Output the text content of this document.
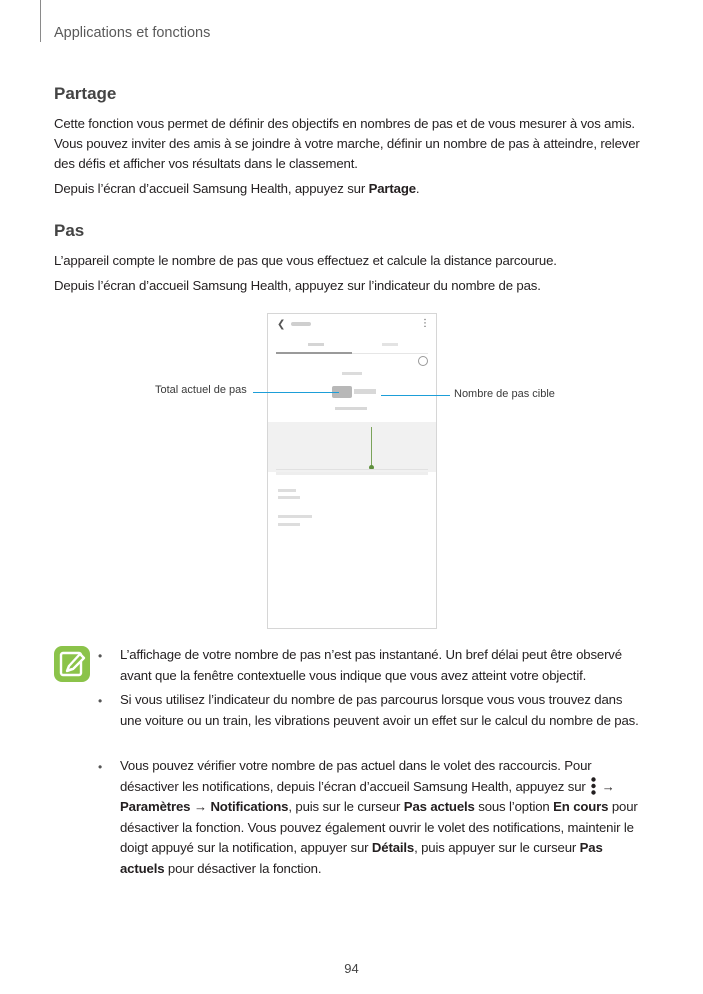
Applications et fonctions
Partage

Cette fonction vous permet de définir des objectifs en nombres de pas et de vous mesurer à vos amis. Vous pouvez inviter des amis à se joindre à votre marche, définir un nombre de pas à atteindre, relever des défis et afficher vos résultats dans le classement.

Depuis l’écran d’accueil Samsung Health, appuyez sur Partage.

Pas

L’appareil compte le nombre de pas que vous effectuez et calcule la distance parcourue.

Depuis l’écran d’accueil Samsung Health, appuyez sur l’indicateur du nombre de pas.

❮	⋮
Total actuel de pas	Nombre de pas cible
• L’affichage de votre nombre de pas n’est pas instantané. Un bref délai peut être observé avant que la fenêtre contextuelle vous indique que vous avez atteint votre objectif.

• Si vous utilisez l’indicateur du nombre de pas parcourus lorsque vous vous trouvez dans une voiture ou un train, les vibrations peuvent avoir un effet sur le calcul du nombre de pas.

• Vous pouvez vérifier votre nombre de pas actuel dans le volet des raccourcis. Pour désactiver les notifications, depuis l’écran d’accueil Samsung Health, appuyez sur  → Paramètres → Notifications, puis sur le curseur Pas actuels sous l’option En cours pour désactiver la fonction. Vous pouvez également ouvrir le volet des notifications, maintenir le doigt appuyé sur la notification, appuyer sur Détails, puis appuyer sur le curseur Pas actuels pour désactiver la fonction.

94
